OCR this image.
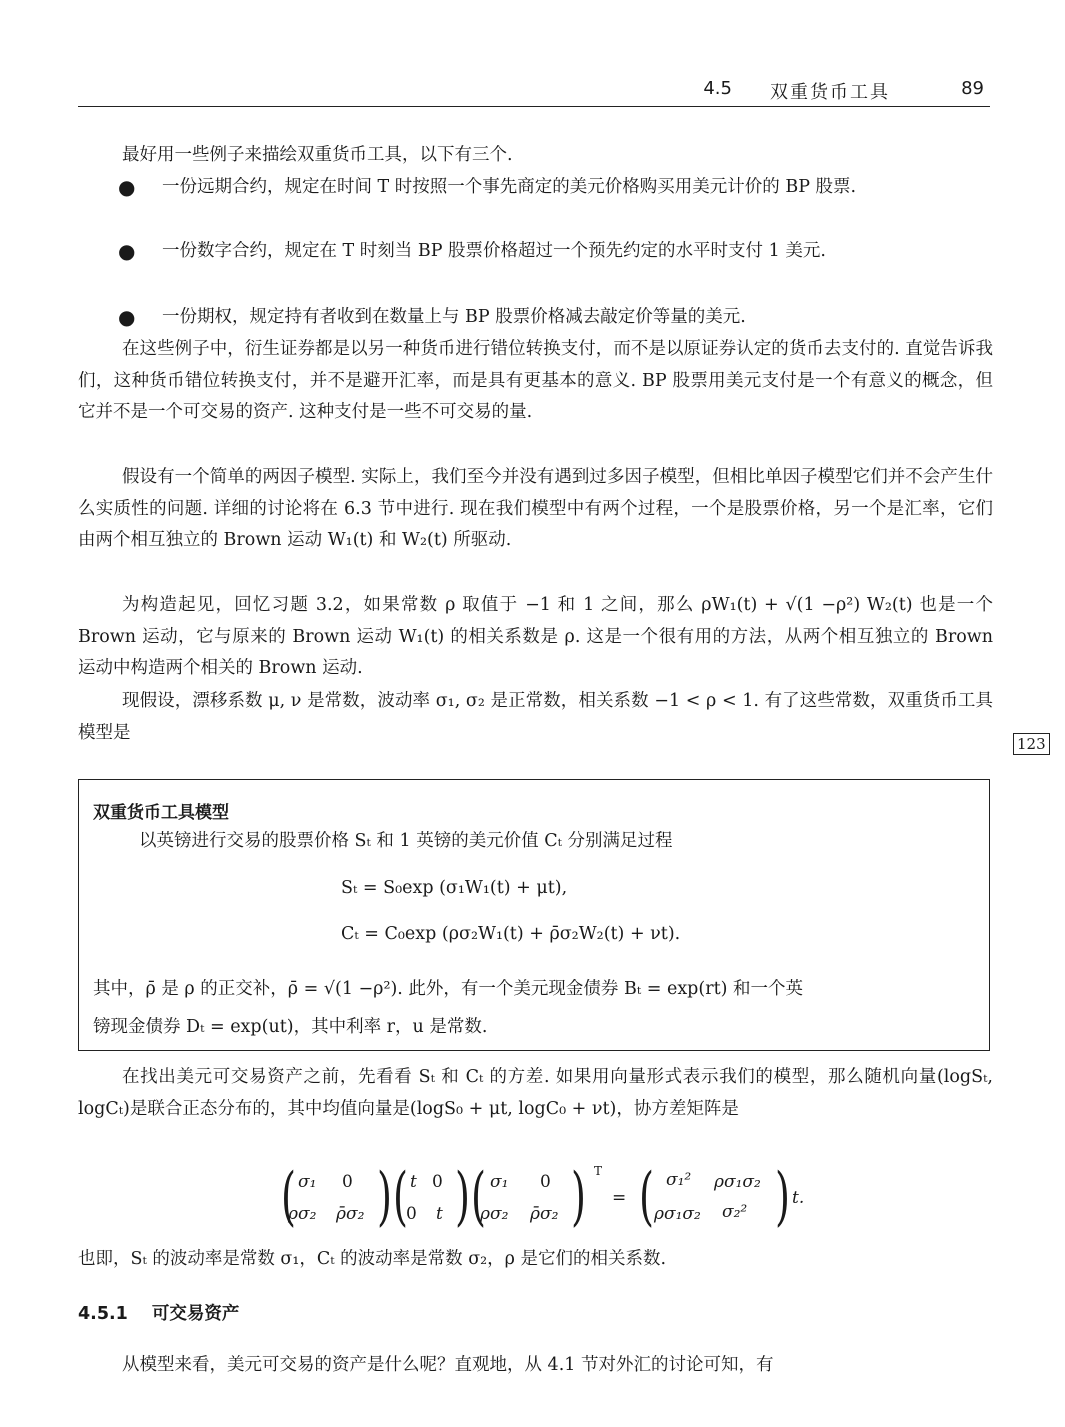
4.5 双重货币工具	89

最好用一些例子来描绘双重货币工具，以下有三个.

● 一份远期合约，规定在时间 T 时按照一个事先商定的美元价格购买用美元计价的 BP 股票.
● 一份数字合约，规定在 T 时刻当 BP 股票价格超过一个预先约定的水平时支付 1 美元.
● 一份期权，规定持有者收到在数量上与 BP 股票价格减去敲定价等量的美元.

在这些例子中，衍生证券都是以另一种货币进行错位转换支付，而不是以原证券认定的货币去支付的. 直觉告诉我们，这种货币错位转换支付，并不是避开汇率，而是具有更基本的意义. BP 股票用美元支付是一个有意义的概念，但它并不是一个可交易的资产. 这种支付是一些不可交易的量.

假设有一个简单的两因子模型. 实际上，我们至今并没有遇到过多因子模型，但相比单因子模型它们并不会产生什么实质性的问题. 详细的讨论将在 6.3 节中进行. 现在我们模型中有两个过程，一个是股票价格，另一个是汇率，它们由两个相互独立的 Brown 运动 W₁(t) 和 W₂(t) 所驱动.

为构造起见，回忆习题 3.2，如果常数 ρ 取值于 −1 和 1 之间，那么 ρW₁(t) + √(1 −ρ²) W₂(t) 也是一个 Brown 运动，它与原来的 Brown 运动 W₁(t) 的相关系数是 ρ. 这是一个很有用的方法，从两个相互独立的 Brown 运动中构造两个相关的 Brown 运动.

现假设，漂移系数 μ, ν 是常数，波动率 σ₁, σ₂ 是正常数，相关系数 −1 < ρ < 1. 有了这些常数，双重货币工具模型是

123
双重货币工具模型
以英镑进行交易的股票价格 Sₜ 和 1 英镑的美元价值 Cₜ 分别满足过程
Sₜ = S₀exp (σ₁W₁(t) + μt),
Cₜ = C₀exp (ρσ₂W₁(t) + ρ̄σ₂W₂(t) + νt).
其中，ρ̄ 是 ρ 的正交补，ρ̄ = √(1 −ρ²). 此外，有一个美元现金债券 Bₜ = exp(rt) 和一个英
镑现金债券 Dₜ = exp(ut)，其中利率 r，u 是常数.

在找出美元可交易资产之前，先看看 Sₜ 和 Cₜ 的方差. 如果用向量形式表示我们的模型，那么随机向量(logSₜ, logCₜ)是联合正态分布的，其中均值向量是(logS₀ + μt, logC₀ + νt)，协方差矩阵是

( σ₁ 0
ρσ₂ ρ̄σ₂ ) ( t 0
0 t ) ( σ₁ 0
ρσ₂ ρ̄σ₂ ) T
= ( σ₁² ρσ₁σ₂
ρσ₁σ₂ σ₂² ) t.

也即，Sₜ 的波动率是常数 σ₁，Cₜ 的波动率是常数 σ₂，ρ 是它们的相关系数.

4.5.1 可交易资产

从模型来看，美元可交易的资产是什么呢？直观地，从 4.1 节对外汇的讨论可知，有
